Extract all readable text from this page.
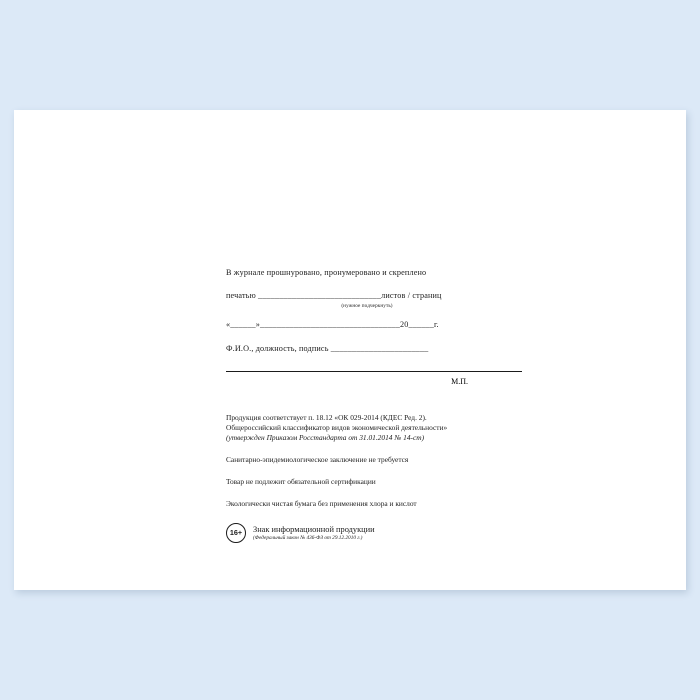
В журнале прошнуровано, пронумеровано и скреплено
печатью _____________________________листов / страниц
(нужное подчеркнуть)
«______»_________________________________20______г.
Ф.И.О., должность, подпись _______________________
М.П.
Продукция соответствует п. 18.12 «ОК 029-2014 (КДЕС Ред. 2).
Общероссийский классификатор видов экономической деятельности»
(утвержден Приказом Росстандарта от 31.01.2014 № 14-ст)
Санитарно-эпидемиологическое заключение не требуется
Товар не подлежит обязательной сертификации
Экологически чистая бумага без применения хлора и кислот
16+	Знак информационной продукции
(Федеральный закон № 436-ФЗ от 29.12.2010 г.)
